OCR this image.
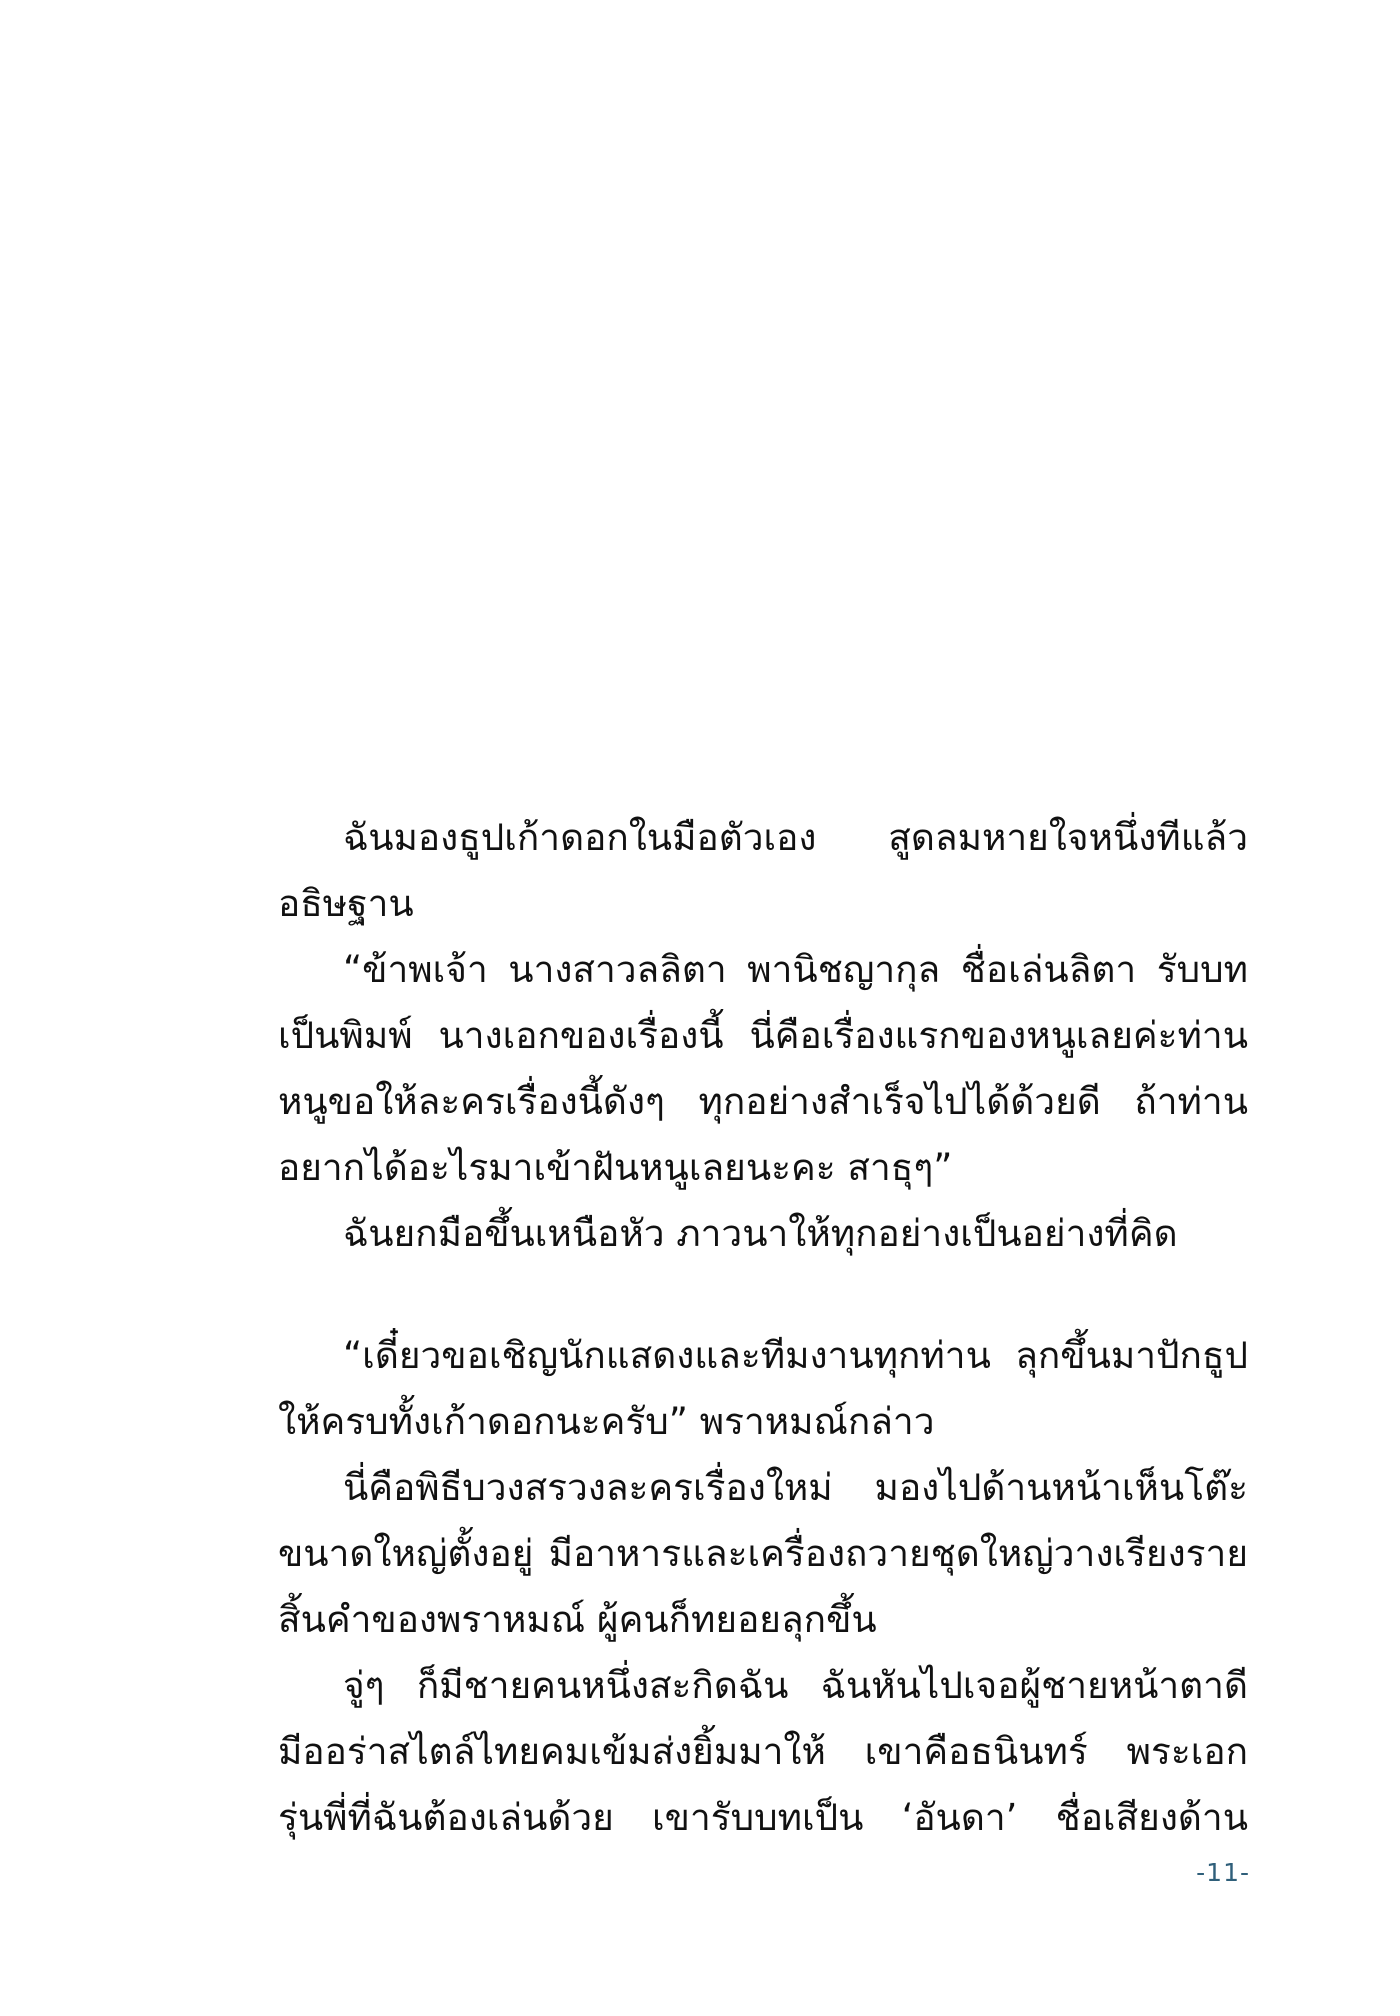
ฉันมองธูปเก้าดอกในมือตัวเอง สูดลมหายใจหนึ่งทีแล้ว
อธิษฐาน
“ข้าพเจ้า นางสาวลลิตา พานิชญากุล ชื่อเล่นลิตา รับบท
เป็นพิมพ์ นางเอกของเรื่องนี้ นี่คือเรื่องแรกของหนูเลยค่ะท่าน
หนูขอให้ละครเรื่องนี้ดังๆ ทุกอย่างสำเร็จไปได้ด้วยดี ถ้าท่าน
อยากได้อะไรมาเข้าฝันหนูเลยนะคะ สาธุๆ”
ฉันยกมือขึ้นเหนือหัว ภาวนาให้ทุกอย่างเป็นอย่างที่คิด
“เดี๋ยวขอเชิญนักแสดงและทีมงานทุกท่าน ลุกขึ้นมาปักธูป
ให้ครบทั้งเก้าดอกนะครับ” พราหมณ์กล่าว
นี่คือพิธีบวงสรวงละครเรื่องใหม่ มองไปด้านหน้าเห็นโต๊ะ
ขนาดใหญ่ตั้งอยู่ มีอาหารและเครื่องถวายชุดใหญ่วางเรียงราย
สิ้นคำของพราหมณ์ ผู้คนก็ทยอยลุกขึ้น
จู่ๆ ก็มีชายคนหนึ่งสะกิดฉัน ฉันหันไปเจอผู้ชายหน้าตาดี
มีออร่าสไตล์ไทยคมเข้มส่งยิ้มมาให้ เขาคือธนินทร์ พระเอก
รุ่นพี่ที่ฉันต้องเล่นด้วย เขารับบทเป็น ‘อันดา’ ชื่อเสียงด้าน
-11-
